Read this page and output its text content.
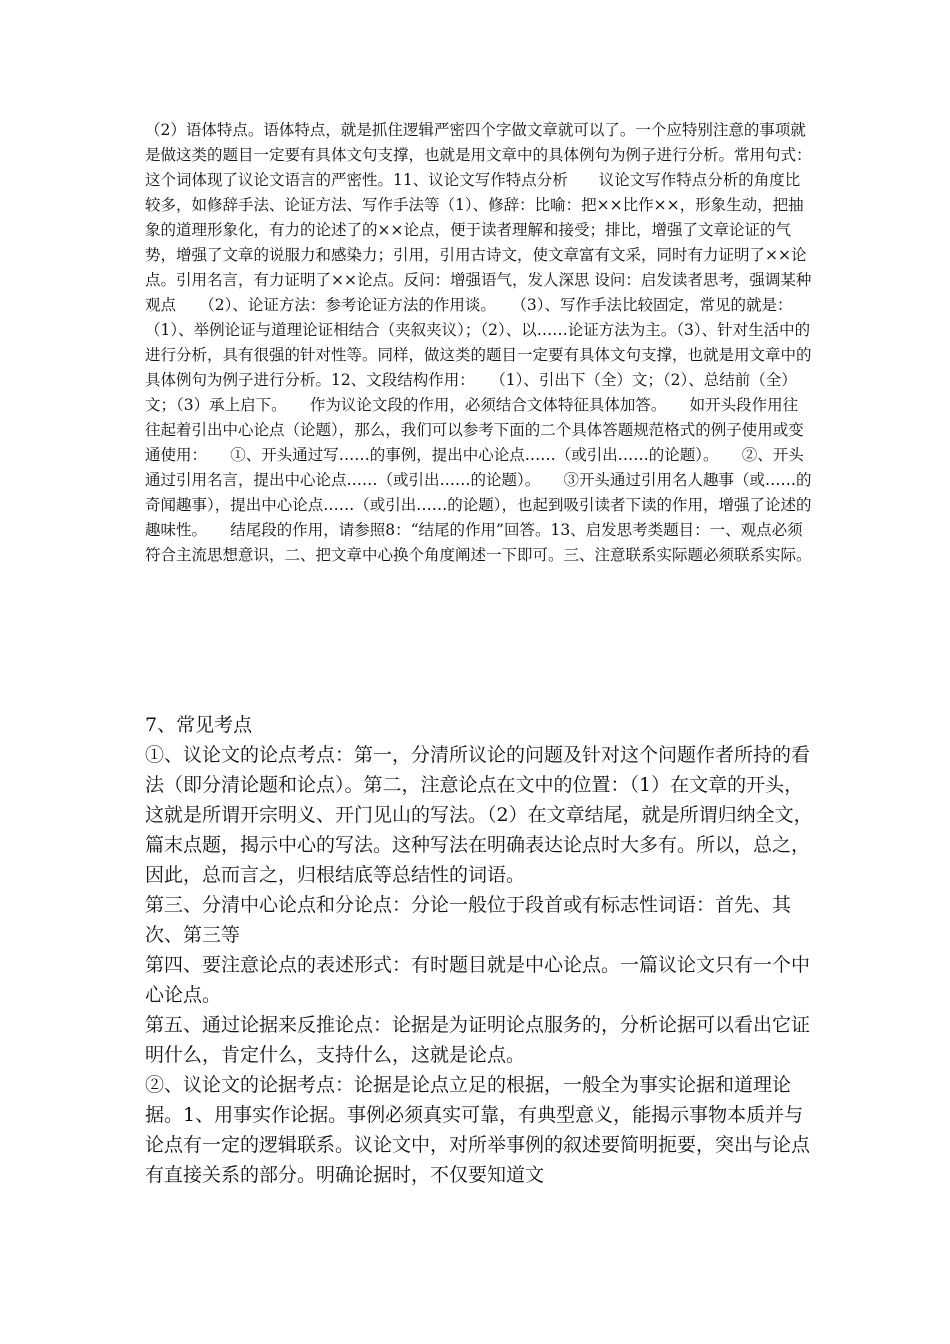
（2）语体特点。语体特点，就是抓住逻辑严密四个字做文章就可以了。一个应特别注意的事项就是做这类的题目一定要有具体文句支撑，也就是用文章中的具体例句为例子进行分析。常用句式：这个词体现了议论文语言的严密性。11、议论文写作特点分析　　议论文写作特点分析的角度比较多，如修辞手法、论证方法、写作手法等（1）、修辞：比喻：把××比作××，形象生动，把抽象的道理形象化，有力的论述了的××论点，便于读者理解和接受；排比，增强了文章论证的气势，增强了文章的说服力和感染力；引用，引用古诗文，使文章富有文采，同时有力证明了××论点。引用名言，有力证明了××论点。反问：增强语气，发人深思 设问：启发读者思考，强调某种观点　　（2）、论证方法：参考论证方法的作用谈。　　（3）、写作手法比较固定，常见的就是：（1）、举例论证与道理论证相结合（夹叙夹议）；（2）、以……论证方法为主。（3）、针对生活中的进行分析，具有很强的针对性等。同样，做这类的题目一定要有具体文句支撑，也就是用文章中的具体例句为例子进行分析。12、文段结构作用：　　（1）、引出下（全）文；（2）、总结前（全）文；（3）承上启下。　　作为议论文段的作用，必须结合文体特征具体加答。　　如开头段作用往往起着引出中心论点（论题），那么，我们可以参考下面的二个具体答题规范格式的例子使用或变通使用：　　①、开头通过写……的事例，提出中心论点……（或引出……的论题）。　　②、开头通过引用名言，提出中心论点……（或引出……的论题）。　　③开头通过引用名人趣事（或……的奇闻趣事），提出中心论点……（或引出……的论题），也起到吸引读者下读的作用，增强了论述的趣味性。　　结尾段的作用，请参照8：“结尾的作用”回答。13、启发思考类题目：一、观点必须符合主流思想意识，二、把文章中心换个角度阐述一下即可。三、注意联系实际题必须联系实际。

7、常见考点

①、议论文的论点考点：第一，分清所议论的问题及针对这个问题作者所持的看法（即分清论题和论点）。第二，注意论点在文中的位置：（1）在文章的开头，这就是所谓开宗明义、开门见山的写法。（2）在文章结尾，就是所谓归纳全文，篇末点题，揭示中心的写法。这种写法在明确表达论点时大多有。所以，总之，因此，总而言之，归根结底等总结性的词语。

第三、分清中心论点和分论点：分论一般位于段首或有标志性词语：首先、其次、第三等

第四、要注意论点的表述形式：有时题目就是中心论点。一篇议论文只有一个中心论点。

第五、通过论据来反推论点：论据是为证明论点服务的，分析论据可以看出它证明什么，肯定什么，支持什么，这就是论点。

②、议论文的论据考点：论据是论点立足的根据，一般全为事实论据和道理论据。1、用事实作论据。事例必须真实可靠，有典型意义，能揭示事物本质并与论点有一定的逻辑联系。议论文中，对所举事例的叙述要简明扼要，突出与论点有直接关系的部分。明确论据时，不仅要知道文
